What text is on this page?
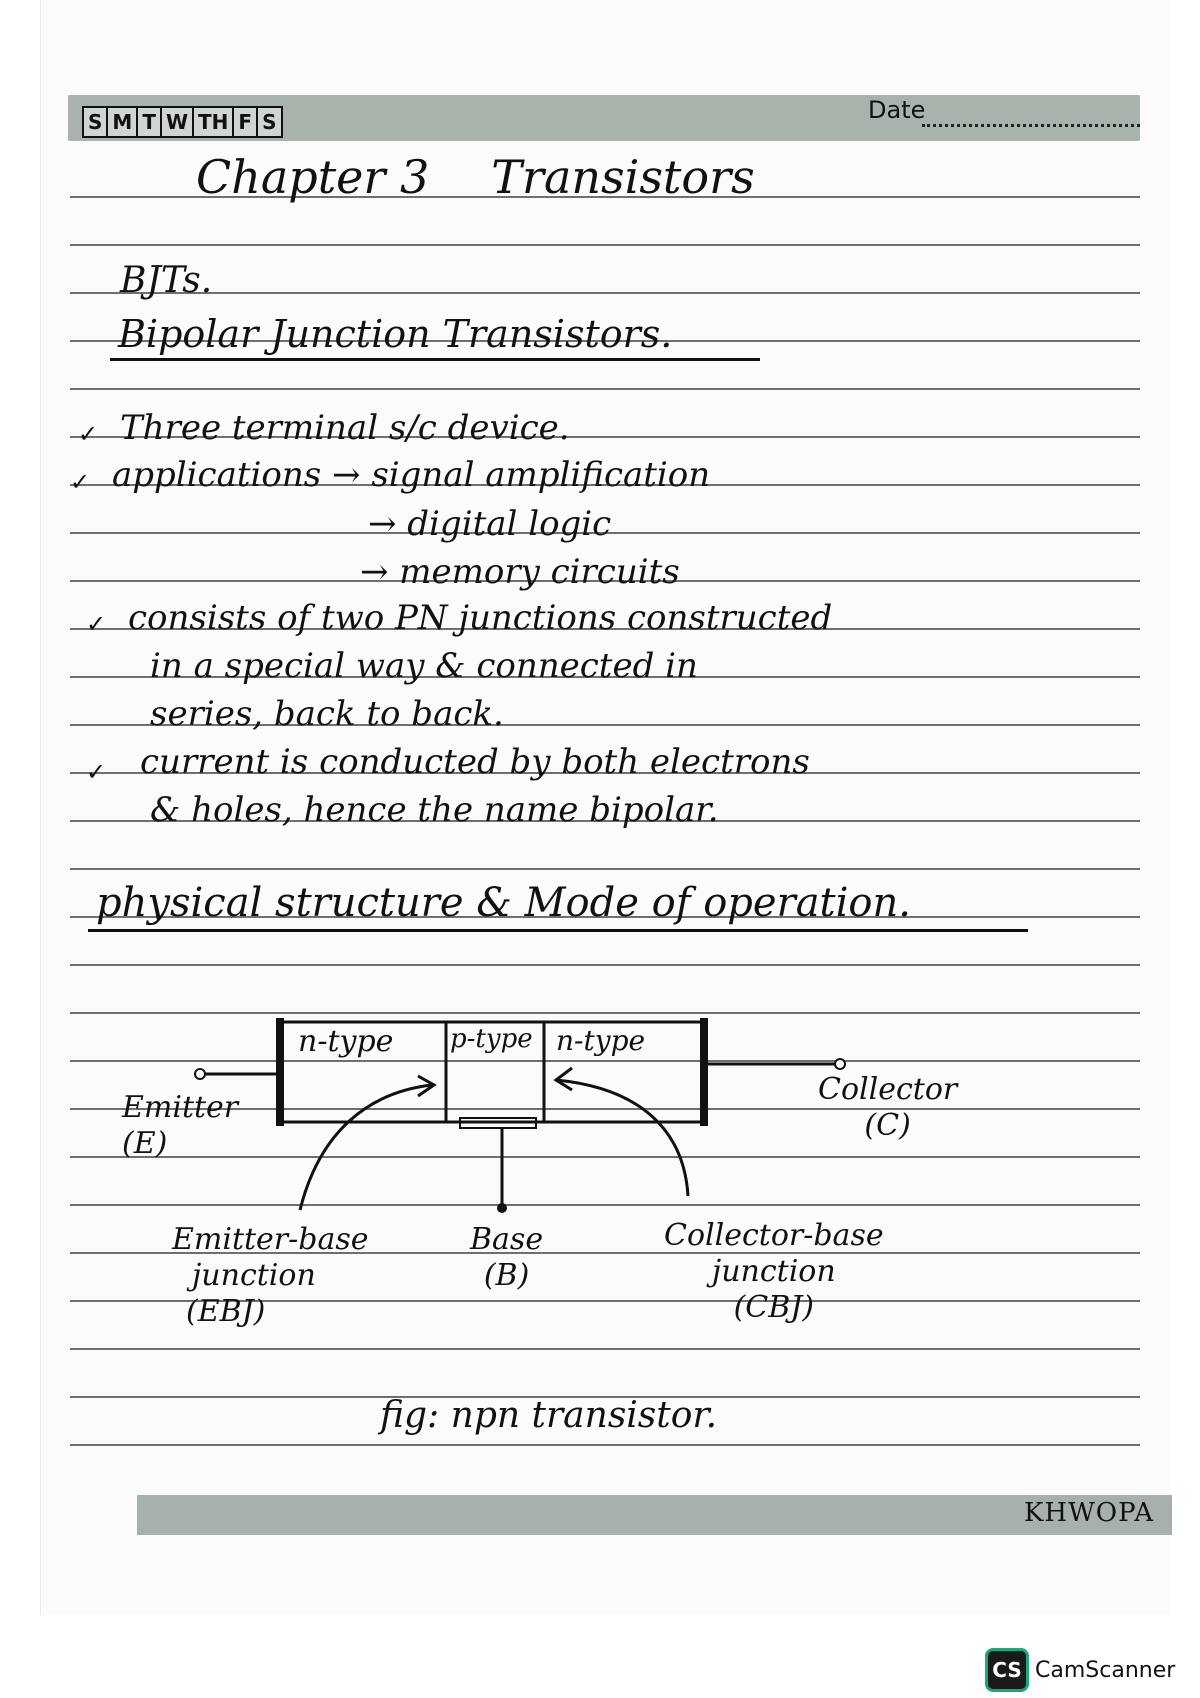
S M T W TH F S	Date
Chapter 3 Transistors
BJTs.
Bipolar Junction Transistors.
✓ Three terminal s/c device.
✓ applications → signal amplification
→ digital logic
→ memory circuits
✓ consists of two PN junctions constructed
in a special way & connected in
series, back to back.
✓ current is conducted by both electrons
& holes, hence the name bipolar.
physical structure & Mode of operation.
n-type p-type n-type
Emitter
(E)
Collector
(C)
Base
(B)
Emitter-base
junction
(EBJ)
Collector-base
junction
(CBJ)
fig: npn transistor.
KHWOPA
CS CamScanner
